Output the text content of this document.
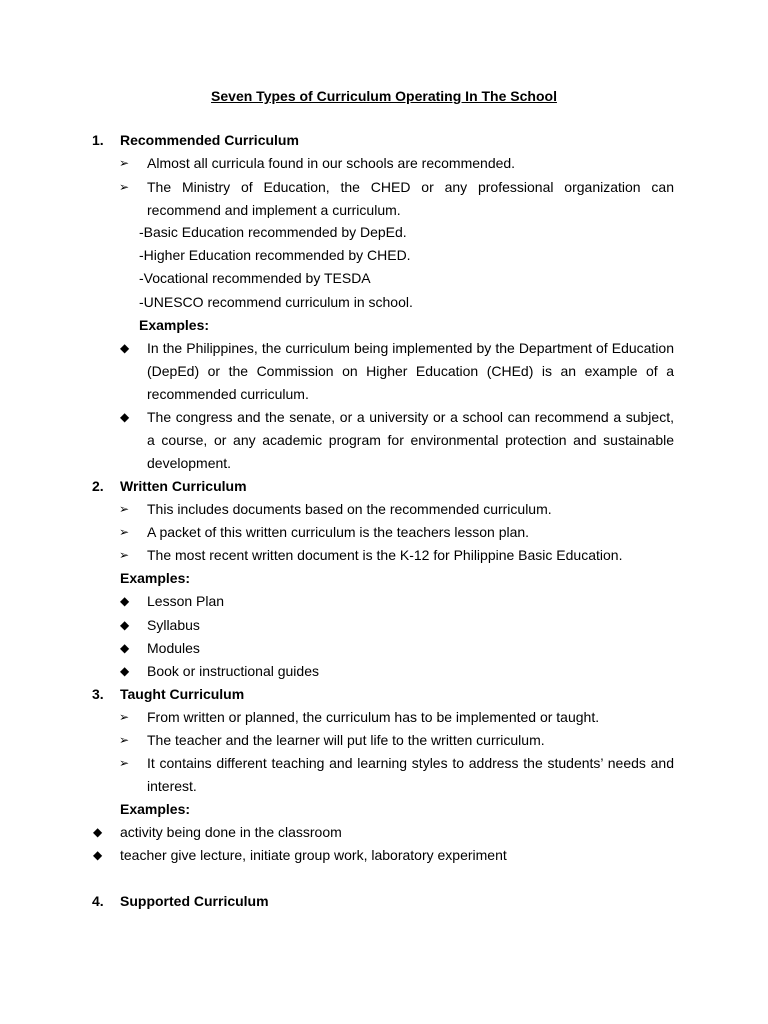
Seven Types of Curriculum Operating In The School
1. Recommended Curriculum
➢ Almost all curricula found in our schools are recommended.
➢ The Ministry of Education, the CHED or any professional organization can recommend and implement a curriculum.
-Basic Education recommended by DepEd.
-Higher Education recommended by CHED.
-Vocational recommended by TESDA
-UNESCO recommend curriculum in school.
Examples:
◆ In the Philippines, the curriculum being implemented by the Department of Education (DepEd) or the Commission on Higher Education (CHEd) is an example of a recommended curriculum.
◆ The congress and the senate, or a university or a school can recommend a subject, a course, or any academic program for environmental protection and sustainable development.
2. Written Curriculum
➢ This includes documents based on the recommended curriculum.
➢ A packet of this written curriculum is the teachers lesson plan.
➢ The most recent written document is the K-12 for Philippine Basic Education.
Examples:
◆ Lesson Plan
◆ Syllabus
◆ Modules
◆ Book or instructional guides
3. Taught Curriculum
➢ From written or planned, the curriculum has to be implemented or taught.
➢ The teacher and the learner will put life to the written curriculum.
➢ It contains different teaching and learning styles to address the students’ needs and interest.
Examples:
◆ activity being done in the classroom
◆ teacher give lecture, initiate group work, laboratory experiment
4. Supported Curriculum
